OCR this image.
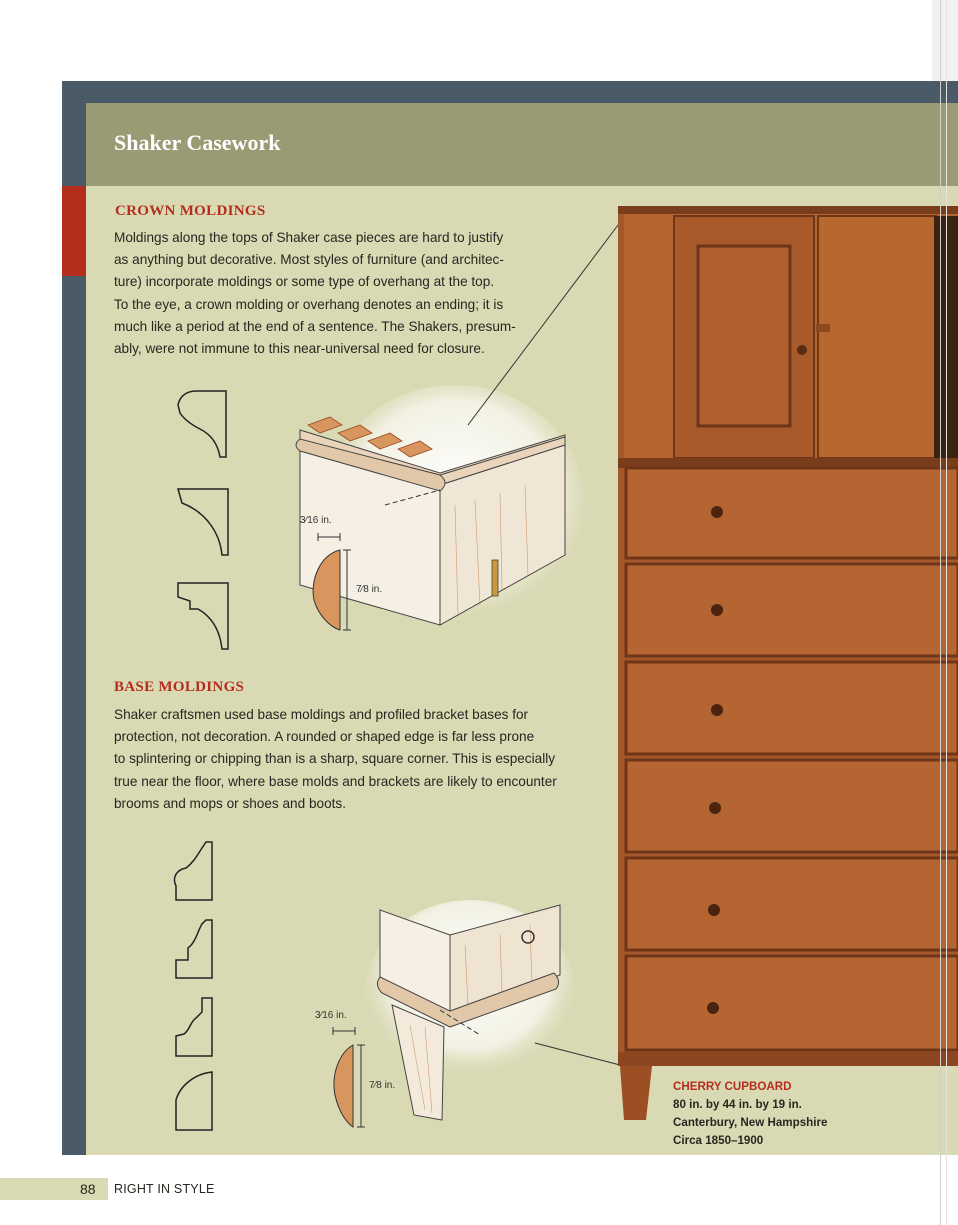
Shaker Casework
CROWN MOLDINGS

Moldings along the tops of Shaker case pieces are hard to justify
as anything but decorative. Most styles of furniture (and architec-
ture) incorporate moldings or some type of overhang at the top.
To the eye, a crown molding or overhang denotes an ending; it is
much like a period at the end of a sentence. The Shakers, presum-
ably, were not immune to this near-universal need for closure.

3⁄16 in.
7⁄8 in.
BASE MOLDINGS

Shaker craftsmen used base moldings and profiled bracket bases for
protection, not decoration. A rounded or shaped edge is far less prone
to splintering or chipping than is a sharp, square corner. This is especially
true near the floor, where base molds and brackets are likely to encounter
brooms and mops or shoes and boots.

3⁄16 in.
7⁄8 in.	CHERRY CUPBOARD
80 in. by 44 in. by 19 in.
Canterbury, New Hampshire
Circa 1850–1900

88 RIGHT IN STYLE
